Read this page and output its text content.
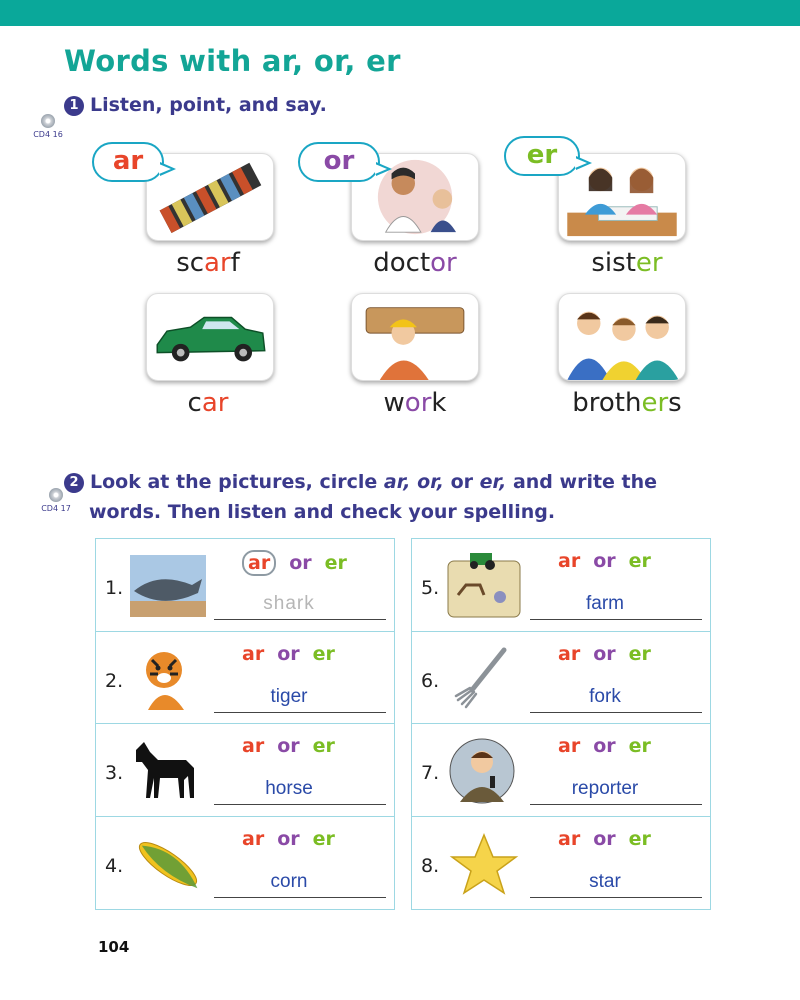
Words with ar, or, er
1 Listen, point, and say.
CD4 16
ar	or	er
scarf	doctor	sister
car	work	brothers
2 Look at the pictures, circle ar, or, or er, and write the
words. Then listen and check your spelling.
CD4 17
1.
ar or er
shark
2.
ar or er
tiger
3.
ar or er
horse
4.
ar or er
corn
5.
ar or er
farm
6.
ar or er
fork
7.
ar or er
reporter
8.
ar or er
star
104
